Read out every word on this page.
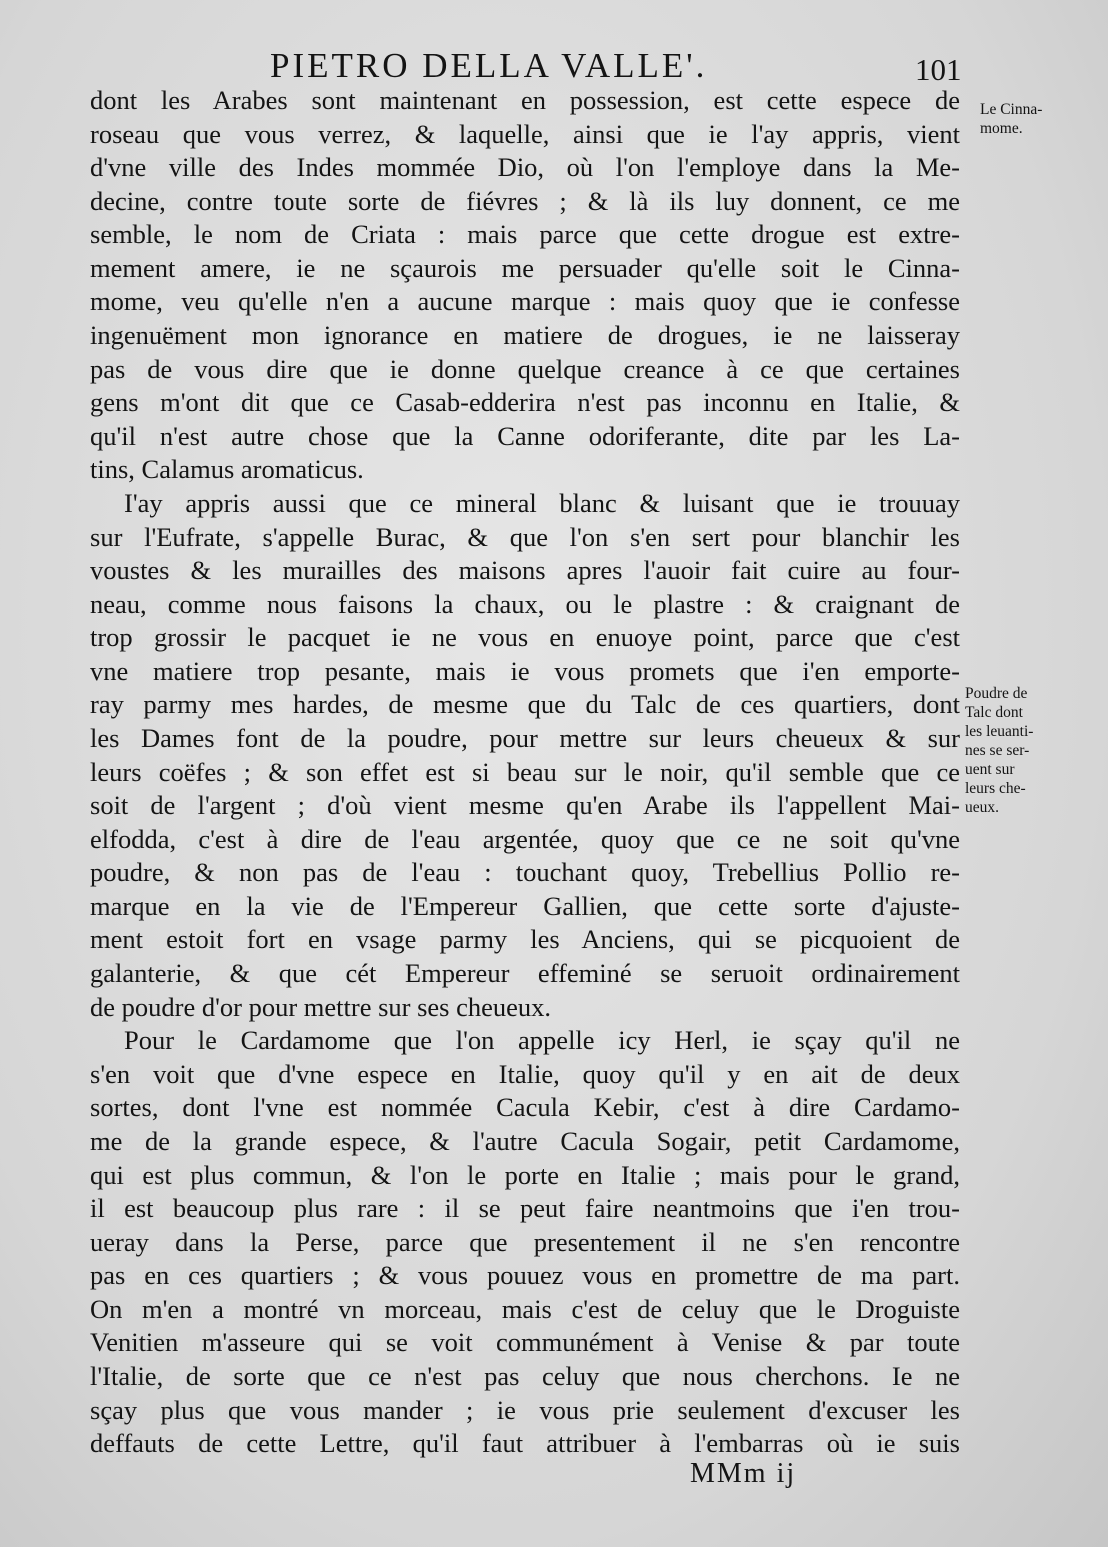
PIETRO DELLA VALLE'.	101
dont les Arabes sont maintenant en possession, est cette espece de
roseau que vous verrez, & laquelle, ainsi que ie l'ay appris, vient
d'vne ville des Indes mommée Dio, où l'on l'employe dans la Me-
decine, contre toute sorte de fiévres ; & là ils luy donnent, ce me
semble, le nom de Criata : mais parce que cette drogue est extre-
mement amere, ie ne sçaurois me persuader qu'elle soit le Cinna-
mome, veu qu'elle n'en a aucune marque : mais quoy que ie confesse
ingenuëment mon ignorance en matiere de drogues, ie ne laisseray
pas de vous dire que ie donne quelque creance à ce que certaines
gens m'ont dit que ce Casab-edderira n'est pas inconnu en Italie, &
qu'il n'est autre chose que la Canne odoriferante, dite par les La-
tins, Calamus aromaticus.
I'ay appris aussi que ce mineral blanc & luisant que ie trouuay
sur l'Eufrate, s'appelle Burac, & que l'on s'en sert pour blanchir les
voustes & les murailles des maisons apres l'auoir fait cuire au four-
neau, comme nous faisons la chaux, ou le plastre : & craignant de
trop grossir le pacquet ie ne vous en enuoye point, parce que c'est
vne matiere trop pesante, mais ie vous promets que i'en emporte-
ray parmy mes hardes, de mesme que du Talc de ces quartiers, dont
les Dames font de la poudre, pour mettre sur leurs cheueux & sur
leurs coëfes ; & son effet est si beau sur le noir, qu'il semble que ce
soit de l'argent ; d'où vient mesme qu'en Arabe ils l'appellent Mai-
elfodda, c'est à dire de l'eau argentée, quoy que ce ne soit qu'vne
poudre, & non pas de l'eau : touchant quoy, Trebellius Pollio re-
marque en la vie de l'Empereur Gallien, que cette sorte d'ajuste-
ment estoit fort en vsage parmy les Anciens, qui se picquoient de
galanterie, & que cét Empereur effeminé se seruoit ordinairement
de poudre d'or pour mettre sur ses cheueux.
Pour le Cardamome que l'on appelle icy Herl, ie sçay qu'il ne
s'en voit que d'vne espece en Italie, quoy qu'il y en ait de deux
sortes, dont l'vne est nommée Cacula Kebir, c'est à dire Cardamo-
me de la grande espece, & l'autre Cacula Sogair, petit Cardamome,
qui est plus commun, & l'on le porte en Italie ; mais pour le grand,
il est beaucoup plus rare : il se peut faire neantmoins que i'en trou-
ueray dans la Perse, parce que presentement il ne s'en rencontre
pas en ces quartiers ; & vous pouuez vous en promettre de ma part.
On m'en a montré vn morceau, mais c'est de celuy que le Droguiste
Venitien m'asseure qui se voit communément à Venise & par toute
l'Italie, de sorte que ce n'est pas celuy que nous cherchons. Ie ne
sçay plus que vous mander ; ie vous prie seulement d'excuser les
deffauts de cette Lettre, qu'il faut attribuer à l'embarras où ie suis
Le Cinna-
mome.
Poudre de
Talc dont
les leuanti-
nes se ser-
uent sur
leurs che-
ueux.
MMm ij
